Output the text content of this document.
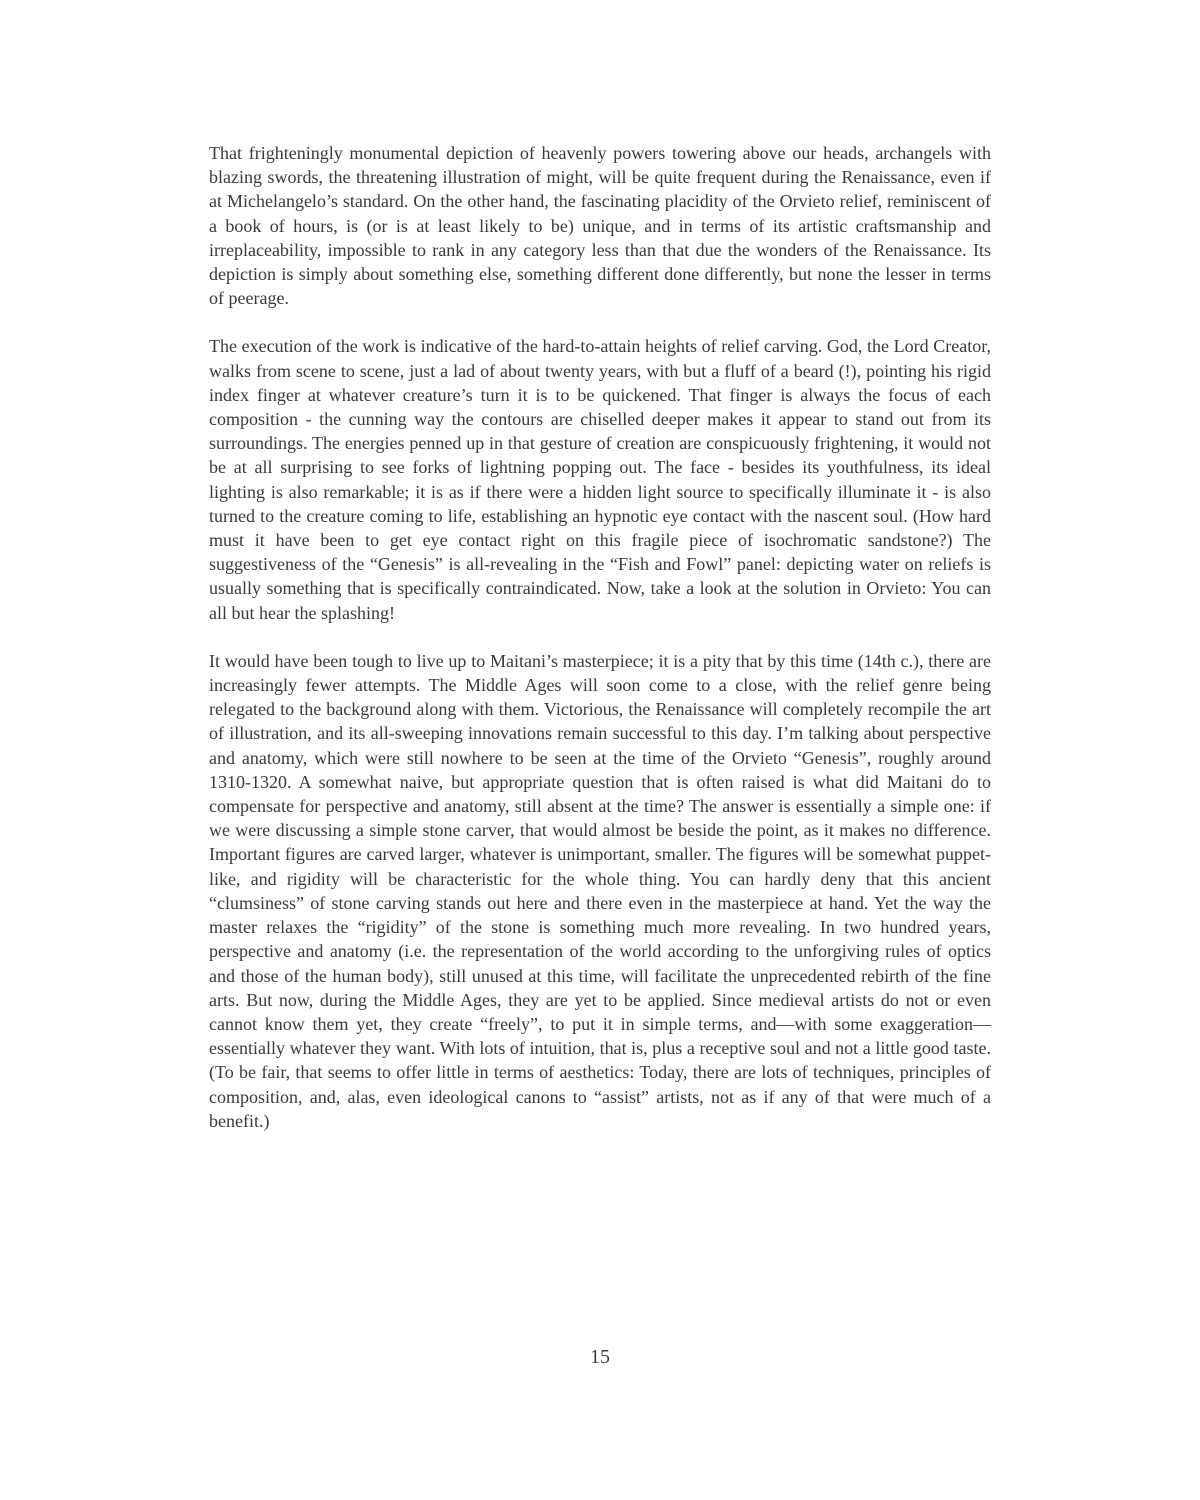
That frighteningly monumental depiction of heavenly powers towering above our heads, archangels with blazing swords, the threatening illustration of might, will be quite frequent during the Renaissance, even if at Michelangelo’s standard. On the other hand, the fascinating placidity of the Orvieto relief, reminiscent of a book of hours, is (or is at least likely to be) unique, and in terms of its artistic craftsmanship and irreplaceability, impossible to rank in any category less than that due the wonders of the Renaissance. Its depiction is simply about something else, something different done differently, but none the lesser in terms of peerage.

The execution of the work is indicative of the hard-to-attain heights of relief carving. God, the Lord Creator, walks from scene to scene, just a lad of about twenty years, with but a fluff of a beard (!), pointing his rigid index finger at whatever creature’s turn it is to be quickened. That finger is always the focus of each composition - the cunning way the contours are chiselled deeper makes it appear to stand out from its surroundings. The energies penned up in that gesture of creation are conspicuously frightening, it would not be at all surprising to see forks of lightning popping out. The face - besides its youthfulness, its ideal lighting is also remarkable; it is as if there were a hidden light source to specifically illuminate it - is also turned to the creature coming to life, establishing an hypnotic eye contact with the nascent soul. (How hard must it have been to get eye contact right on this fragile piece of isochromatic sandstone?) The suggestiveness of the “Genesis” is all-revealing in the “Fish and Fowl” panel: depicting water on reliefs is usually something that is specifically contraindicated. Now, take a look at the solution in Orvieto: You can all but hear the splashing!

It would have been tough to live up to Maitani’s masterpiece; it is a pity that by this time (14th c.), there are increasingly fewer attempts. The Middle Ages will soon come to a close, with the relief genre being relegated to the background along with them. Victorious, the Renaissance will completely recompile the art of illustration, and its all-sweeping innovations remain successful to this day. I’m talking about perspective and anatomy, which were still nowhere to be seen at the time of the Orvieto “Genesis”, roughly around 1310-1320. A somewhat naive, but appropriate question that is often raised is what did Maitani do to compensate for perspective and anatomy, still absent at the time? The answer is essentially a simple one: if we were discussing a simple stone carver, that would almost be beside the point, as it makes no difference. Important figures are carved larger, whatever is unimportant, smaller. The figures will be somewhat puppet-like, and rigidity will be characteristic for the whole thing. You can hardly deny that this ancient “clumsiness” of stone carving stands out here and there even in the masterpiece at hand. Yet the way the master relaxes the “rigidity” of the stone is something much more revealing. In two hundred years, perspective and anatomy (i.e. the representation of the world according to the unforgiving rules of optics and those of the human body), still unused at this time, will facilitate the unprecedented rebirth of the fine arts. But now, during the Middle Ages, they are yet to be applied. Since medieval artists do not or even cannot know them yet, they create “freely”, to put it in simple terms, and—with some exaggeration—essentially whatever they want. With lots of intuition, that is, plus a receptive soul and not a little good taste. (To be fair, that seems to offer little in terms of aesthetics: Today, there are lots of techniques, principles of composition, and, alas, even ideological canons to “assist” artists, not as if any of that were much of a benefit.)

15
